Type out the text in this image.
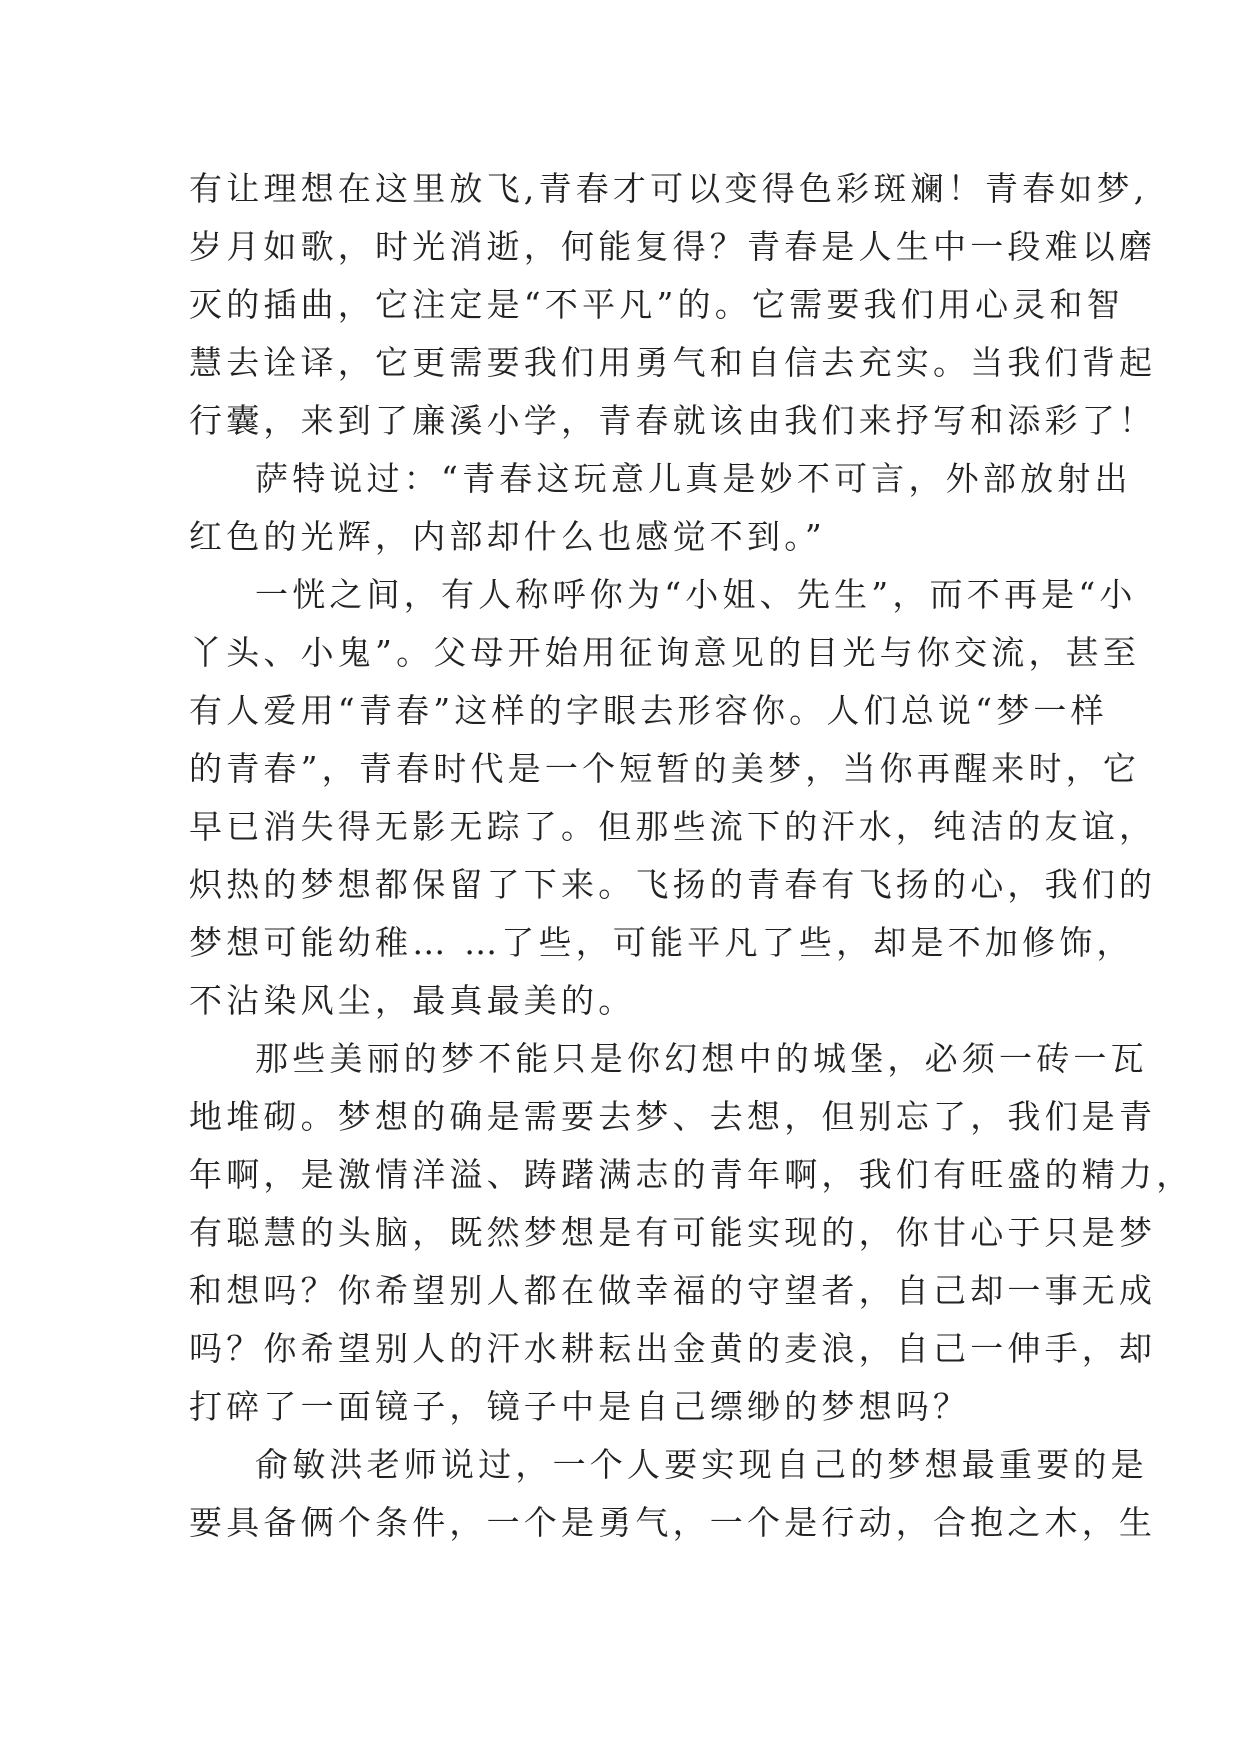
有让理想在这里放飞,青春才可以变得色彩斑斓！青春如梦,
岁月如歌，时光消逝，何能复得？青春是人生中一段难以磨
灭的插曲，它注定是“不平凡”的。它需要我们用心灵和智
慧去诠译，它更需要我们用勇气和自信去充实。当我们背起
行囊，来到了廉溪小学，青春就该由我们来抒写和添彩了！
萨特说过：“青春这玩意儿真是妙不可言，外部放射出
红色的光辉，内部却什么也感觉不到。”
一恍之间，有人称呼你为“小姐、先生”，而不再是“小
丫头、小鬼”。父母开始用征询意见的目光与你交流，甚至
有人爱用“青春”这样的字眼去形容你。人们总说“梦一样
的青春”，青春时代是一个短暂的美梦，当你再醒来时，它
早已消失得无影无踪了。但那些流下的汗水，纯洁的友谊，
炽热的梦想都保留了下来。飞扬的青春有飞扬的心，我们的
梦想可能幼稚… …了些，可能平凡了些，却是不加修饰，
不沾染风尘，最真最美的。
那些美丽的梦不能只是你幻想中的城堡，必须一砖一瓦
地堆砌。梦想的确是需要去梦、去想，但别忘了，我们是青
年啊，是激情洋溢、踌躇满志的青年啊，我们有旺盛的精力，
有聪慧的头脑，既然梦想是有可能实现的，你甘心于只是梦
和想吗？你希望别人都在做幸福的守望者，自己却一事无成
吗？你希望别人的汗水耕耘出金黄的麦浪，自己一伸手，却
打碎了一面镜子，镜子中是自己缥缈的梦想吗？
俞敏洪老师说过，一个人要实现自己的梦想最重要的是
要具备俩个条件，一个是勇气，一个是行动，合抱之木，生
